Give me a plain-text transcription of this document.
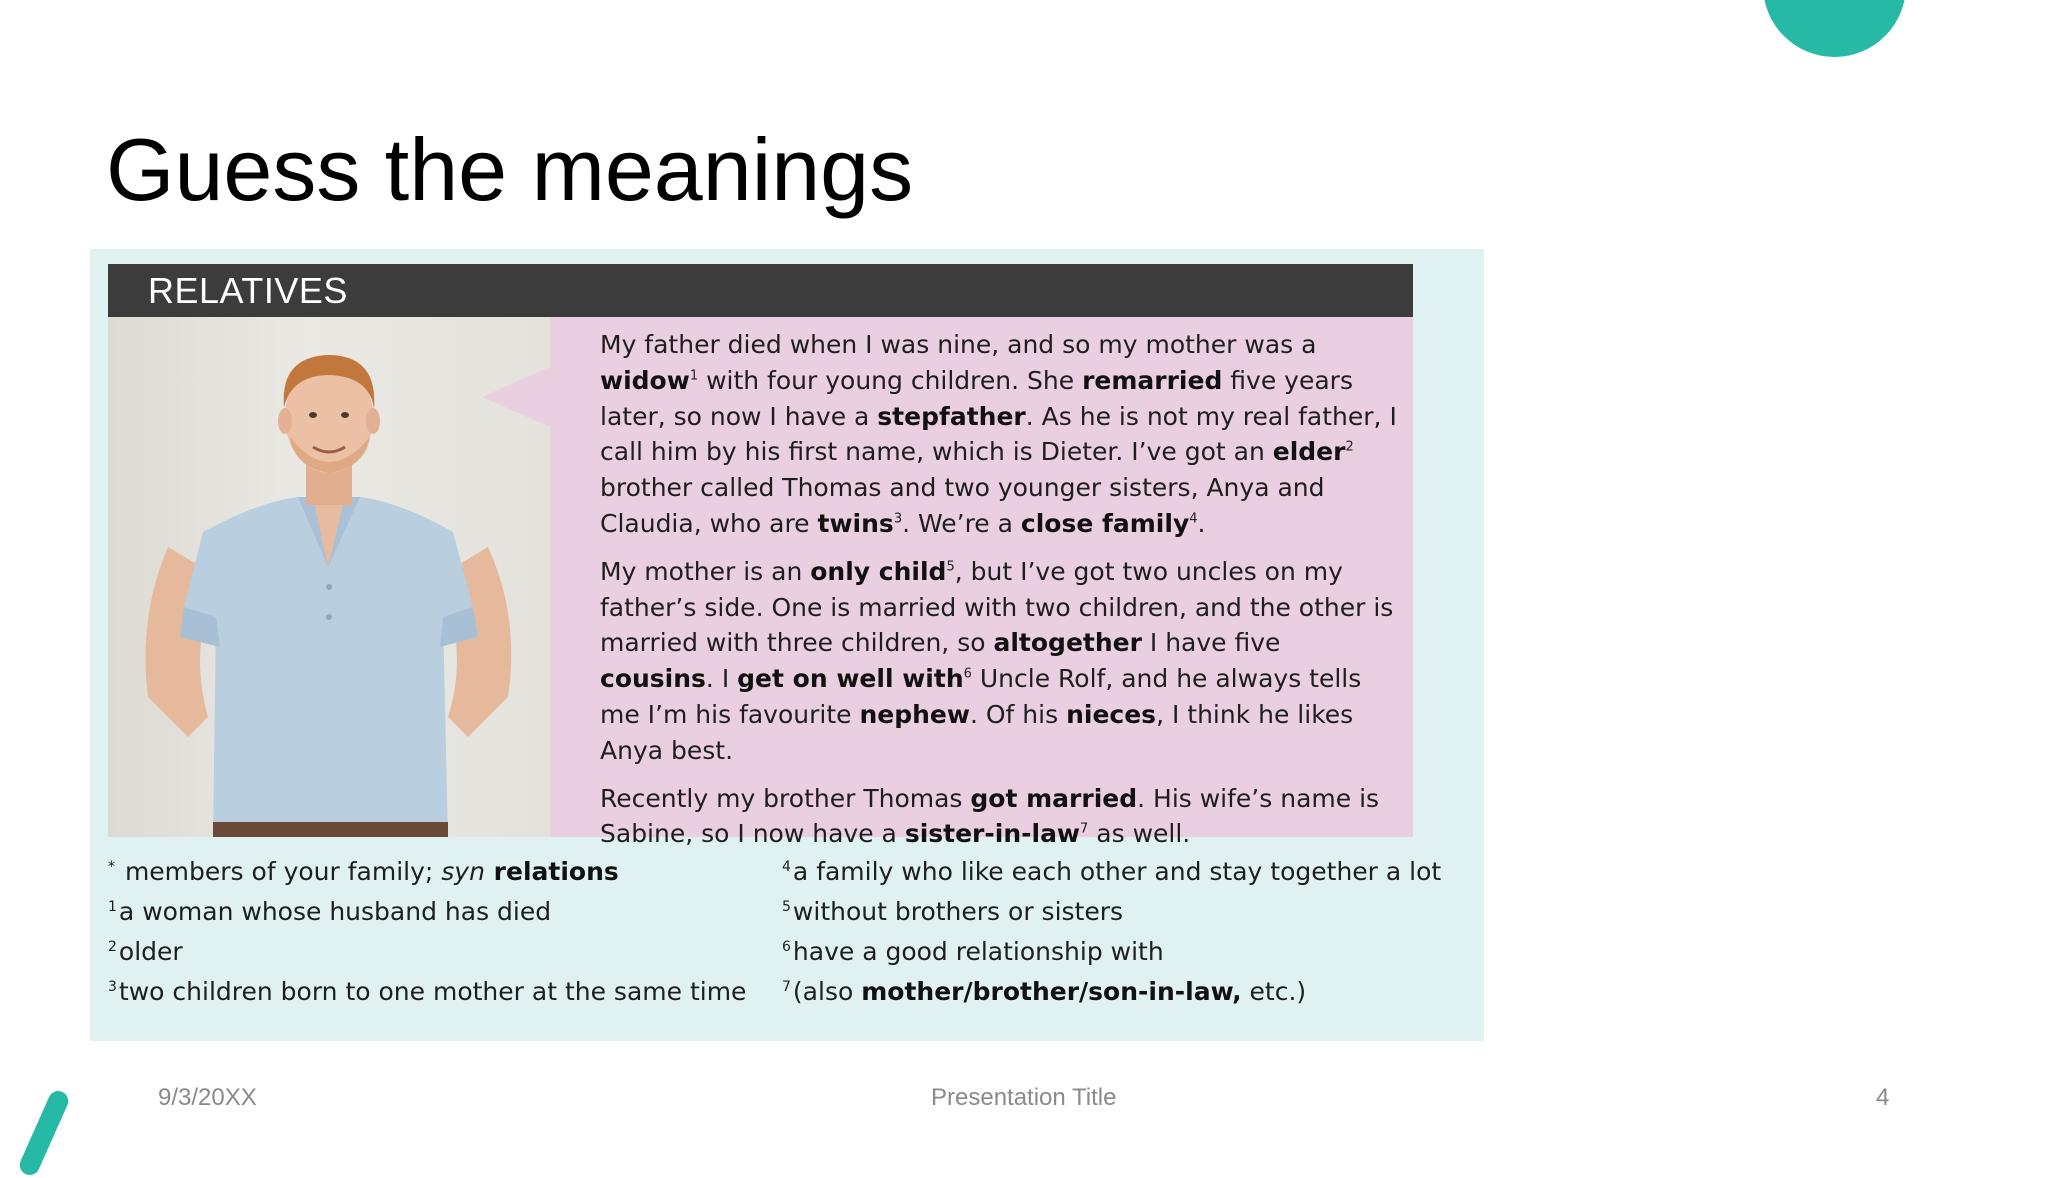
Guess the meanings
RELATIVES

My father died when I was nine, and so my mother was a widow$^1$ with four young children. She remarried five years later, so now I have a stepfather. As he is not my real father, I call him by his first name, which is Dieter. I’ve got an elder$^2$ brother called Thomas and two younger sisters, Anya and Claudia, who are twins$^3$. We’re a close family$^4$.

My mother is an only child$^5$, but I’ve got two uncles on my father’s side. One is married with two children, and the other is married with three children, so altogether I have five cousins. I get on well with$^6$ Uncle Rolf, and he always tells me I’m his favourite nephew. Of his nieces, I think he likes Anya best.

Recently my brother Thomas got married. His wife’s name is Sabine, so I now have a sister-in-law$^7$ as well.

* members of your family; syn relations
$^1$a woman whose husband has died
$^2$older
$^3$two children born to one mother at the same time
$^4$a family who like each other and stay together a lot
$^5$without brothers or sisters
$^6$have a good relationship with
$^7$(also mother/brother/son-in-law, etc.)
9/3/20XX	Presentation Title	4
